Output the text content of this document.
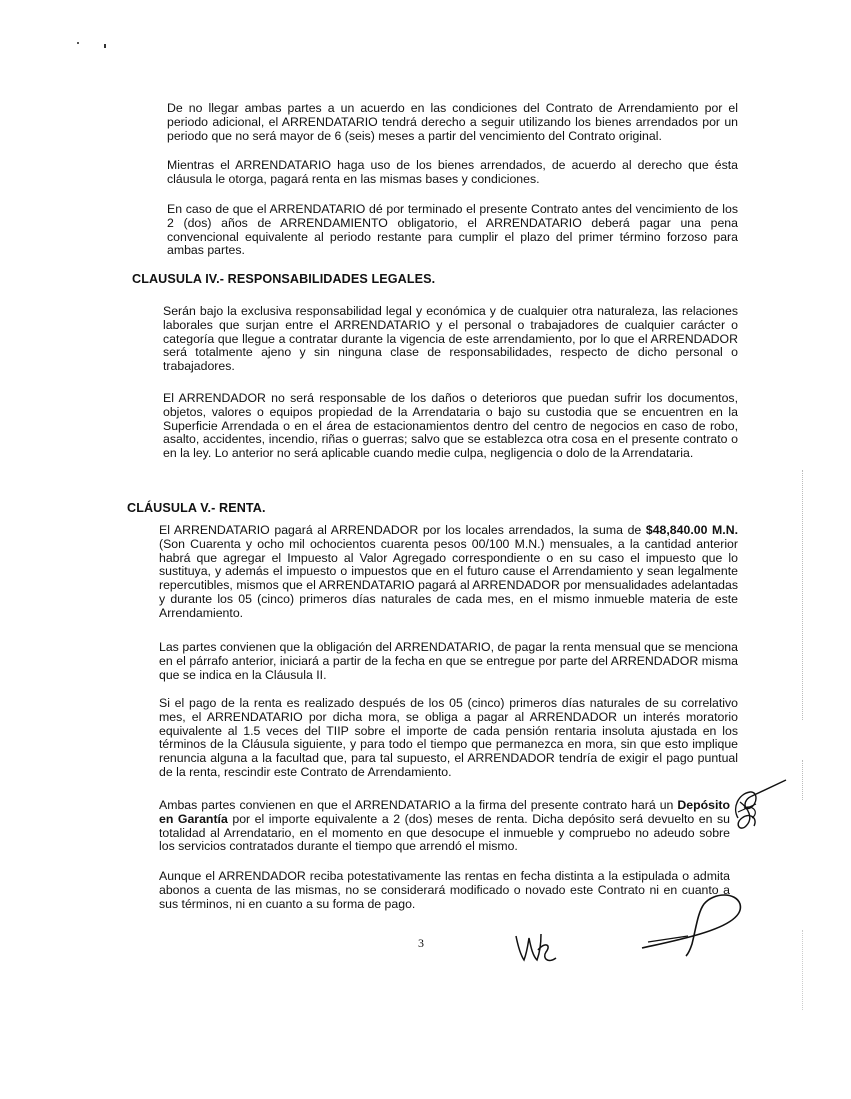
De no llegar ambas partes a un acuerdo en las condiciones del Contrato de Arrendamiento por el periodo adicional, el ARRENDATARIO tendrá derecho a seguir utilizando los bienes arrendados por un periodo que no será mayor de 6 (seis) meses a partir del vencimiento del Contrato original.

Mientras el ARRENDATARIO haga uso de los bienes arrendados, de acuerdo al derecho que ésta cláusula le otorga, pagará renta en las mismas bases y condiciones.

En caso de que el ARRENDATARIO dé por terminado el presente Contrato antes del vencimiento de los 2 (dos) años de ARRENDAMIENTO obligatorio, el ARRENDATARIO deberá pagar una pena convencional equivalente al periodo restante para cumplir el plazo del primer término forzoso para ambas partes.

CLAUSULA IV.- RESPONSABILIDADES LEGALES.

Serán bajo la exclusiva responsabilidad legal y económica y de cualquier otra naturaleza, las relaciones laborales que surjan entre el ARRENDATARIO y el personal o trabajadores de cualquier carácter o categoría que llegue a contratar durante la vigencia de este arrendamiento, por lo que el ARRENDADOR será totalmente ajeno y sin ninguna clase de responsabilidades, respecto de dicho personal o trabajadores.

El ARRENDADOR no será responsable de los daños o deterioros que puedan sufrir los documentos, objetos, valores o equipos propiedad de la Arrendataria o bajo su custodia que se encuentren en la Superficie Arrendada o en el área de estacionamientos dentro del centro de negocios en caso de robo, asalto, accidentes, incendio, riñas o guerras; salvo que se establezca otra cosa en el presente contrato o en la ley. Lo anterior no será aplicable cuando medie culpa, negligencia o dolo de la Arrendataria.

CLÁUSULA V.- RENTA.

El ARRENDATARIO pagará al ARRENDADOR por los locales arrendados, la suma de $48,840.00 M.N. (Son Cuarenta y ocho mil ochocientos cuarenta pesos 00/100 M.N.) mensuales, a la cantidad anterior habrá que agregar el Impuesto al Valor Agregado correspondiente o en su caso el impuesto que lo sustituya, y además el impuesto o impuestos que en el futuro cause el Arrendamiento y sean legalmente repercutibles, mismos que el ARRENDATARIO pagará al ARRENDADOR por mensualidades adelantadas y durante los 05 (cinco) primeros días naturales de cada mes, en el mismo inmueble materia de este Arrendamiento.

Las partes convienen que la obligación del ARRENDATARIO, de pagar la renta mensual que se menciona en el párrafo anterior, iniciará a partir de la fecha en que se entregue por parte del ARRENDADOR misma que se indica en la Cláusula II.

Si el pago de la renta es realizado después de los 05 (cinco) primeros días naturales de su correlativo mes, el ARRENDATARIO por dicha mora, se obliga a pagar al ARRENDADOR un interés moratorio equivalente al 1.5 veces del TIIP sobre el importe de cada pensión rentaria insoluta ajustada en los términos de la Cláusula siguiente, y para todo el tiempo que permanezca en mora, sin que esto implique renuncia alguna a la facultad que, para tal supuesto, el ARRENDADOR tendría de exigir el pago puntual de la renta, rescindir este Contrato de Arrendamiento.

Ambas partes convienen en que el ARRENDATARIO a la firma del presente contrato hará un Depósito en Garantía por el importe equivalente a 2 (dos) meses de renta. Dicha depósito será devuelto en su totalidad al Arrendatario, en el momento en que desocupe el inmueble y compruebo no adeudo sobre los servicios contratados durante el tiempo que arrendó el mismo.

Aunque el ARRENDADOR reciba potestativamente las rentas en fecha distinta a la estipulada o admita abonos a cuenta de las mismas, no se considerará modificado o novado este Contrato ni en cuanto a sus términos, ni en cuanto a su forma de pago.

3
